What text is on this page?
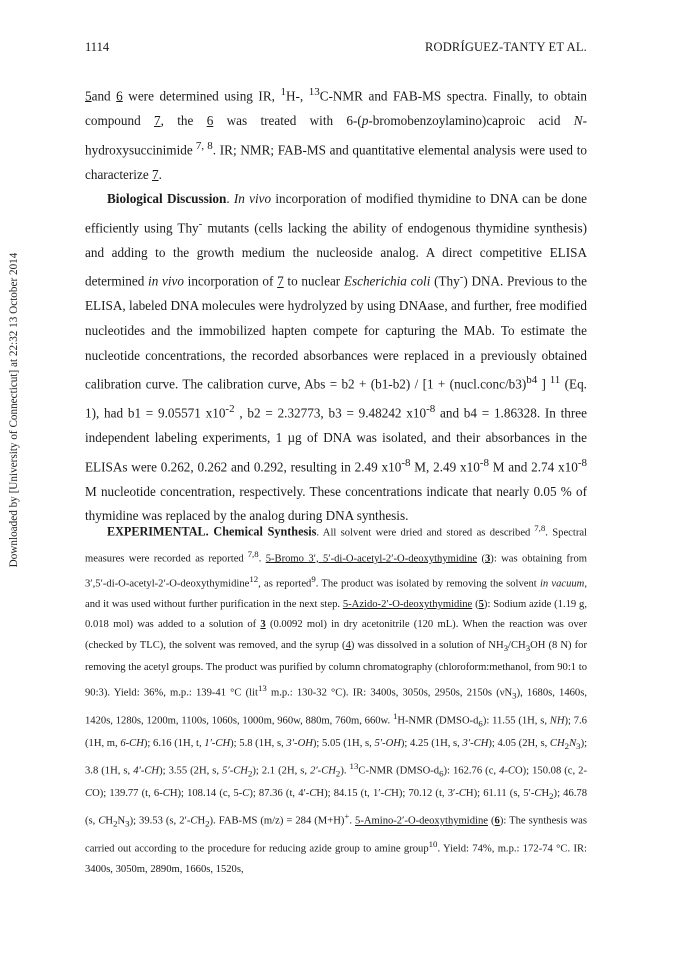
Downloaded by [University of Connecticut] at 22:32 13 October 2014
1114	RODRÍGUEZ-TANTY ET AL.

5and 6 were determined using IR, $^1$H-, $^{13}$C-NMR and FAB-MS spectra. Finally, to obtain compound 7, the 6 was treated with 6-(p-bromobenzoylamino)caproic acid N-hydroxysuccinimide $^{7, 8}$. IR; NMR; FAB-MS and quantitative elemental analysis were used to characterize 7.

Biological Discussion. In vivo incorporation of modified thymidine to DNA can be done efficiently using Thy- mutants (cells lacking the ability of endogenous thymidine synthesis) and adding to the growth medium the nucleoside analog. A direct competitive ELISA determined in vivo incorporation of 7 to nuclear Escherichia coli (Thy-) DNA. Previous to the ELISA, labeled DNA molecules were hydrolyzed by using DNAase, and further, free modified nucleotides and the immobilized hapten compete for capturing the MAb. To estimate the nucleotide concentrations, the recorded absorbances were replaced in a previously obtained calibration curve. The calibration curve, Abs = b2 + (b1-b2) / [1 + (nucl.conc/b3)$^{b4}$ ] $^{11}$ (Eq. 1), had b1 = 9.05571 $x10^{-2}$ , b2 = 2.32773, b3 = 9.48242 $x10^{-8}$ and b4 = 1.86328. In three independent labeling experiments, 1 µg of DNA was isolated, and their absorbances in the ELISAs were 0.262, 0.262 and 0.292, resulting in 2.49 $x10^{-8}$ M, 2.49 $x10^{-8}$ M and 2.74 $x10^{-8}$ M nucleotide concentration, respectively. These concentrations indicate that nearly 0.05 % of thymidine was replaced by the analog during DNA synthesis.

EXPERIMENTAL. Chemical Synthesis. All solvent were dried and stored as described $^{7,8}$. Spectral measures were recorded as reported $^{7,8}$. 5-Bromo 3′, 5′-di-O-acetyl-2′-O-deoxythymidine (3): was obtaining from 3′,5′-di-O-acetyl-2′-O-deoxythymidine$^{12}$, as reported$^9$. The product was isolated by removing the solvent in vacuum, and it was used without further purification in the next step. 5-Azido-2′-O-deoxythymidine (5): Sodium azide (1.19 g, 0.018 mol) was added to a solution of 3 (0.0092 mol) in dry acetonitrile (120 mL). When the reaction was over (checked by TLC), the solvent was removed, and the syrup (4) was dissolved in a solution of $NH_3/CH_3OH$ (8 N) for removing the acetyl groups. The product was purified by column chromatography (chloroform:methanol, from 90:1 to 90:3). Yield: 36%, m.p.: 139-41 °C (lit$^{13}$ m.p.: 130-32 °C). IR: 3400s, 3050s, 2950s, 2150s $(\nu N_3)$, 1680s, 1460s, 1420s, 1280s, 1200m, 1100s, 1060s, 1000m, 960w, 880m, 760m, 660w. $^1$H-NMR $(DMSO-d_6)$: 11.55 (1H, s, NH); 7.6 (1H, m, 6-CH); 6.16 (1H, t, 1′-CH); 5.8 (1H, s, 3′-OH); 5.05 (1H, s, 5′-OH); 4.25 (1H, s, 3′-CH); 4.05 (2H, s, $CH_2N_3$); 3.8 (1H, s, 4′-CH); 3.55 (2H, s, $5'-CH_2$); 2.1 (2H, s, $2'-CH_2$). $^{13}$C-NMR $(DMSO-d_6)$: 162.76 (c, 4-CO); 150.08 (c, 2-CO); 139.77 (t, 6-CH); 108.14 (c, 5-C); 87.36 (t, 4′-CH); 84.15 (t, 1′-CH); 70.12 (t, 3′-CH); 61.11 (s, $5'-CH_2$); 46.78 (s, $CH_2N_3$); 39.53 (s, $2'-CH_2$). FAB-MS (m/z) = 284 (M+H)+. 5-Amino-2′-O-deoxythymidine (6): The synthesis was carried out according to the procedure for reducing azide group to amine group$^{10}$. Yield: 74%, m.p.: 172-74 °C. IR: 3400s, 3050m, 2890m, 1660s, 1520s,
